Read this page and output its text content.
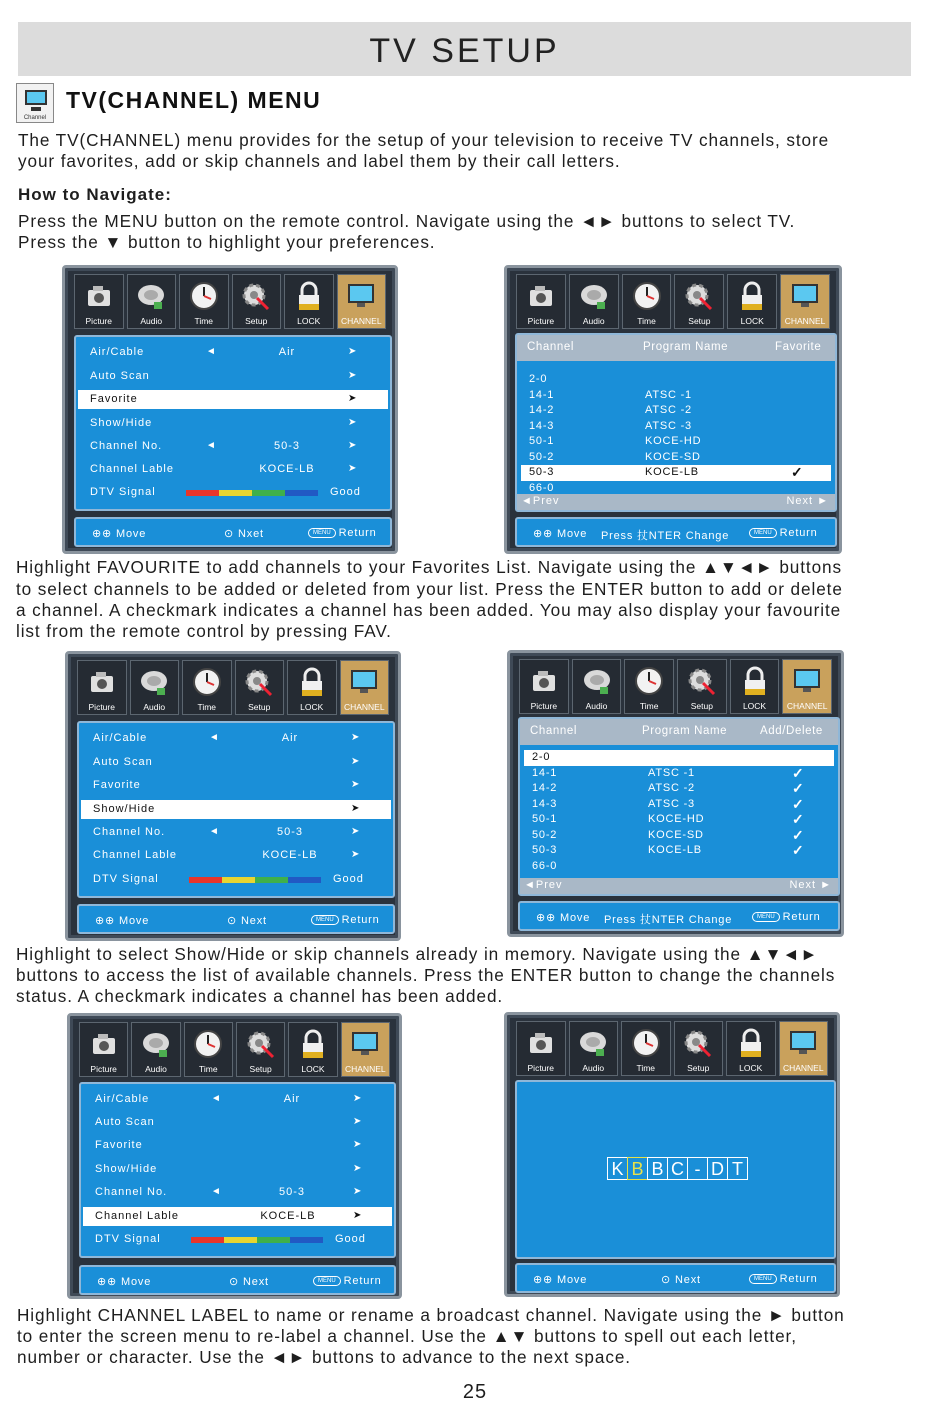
TV SETUP
Channel
TV(CHANNEL) MENU
The TV(CHANNEL) menu provides for the setup of your television to receive TV channels, store
your favorites, add or skip channels and label them by their call letters.
How to Navigate:
Press the MENU button on the remote control. Navigate using the ◄► buttons to select TV.
Press the ▼ button to highlight your preferences.
Highlight FAVOURITE to add channels to your Favorites List. Navigate using the ▲▼◄► buttons
to select channels to be added or deleted from your list. Press the ENTER button to add or delete
a channel. A checkmark indicates a channel has been added. You may also display your favourite
list from the remote control by pressing FAV.
Highlight to select Show/Hide or skip channels already in memory. Navigate using the ▲▼◄►
buttons to access the list of available channels. Press the ENTER button to change the channels
status. A checkmark indicates a channel has been added.
Highlight CHANNEL LABEL to name or rename a broadcast channel. Navigate using the ► button
to enter the screen menu to re-label a channel. Use the ▲▼ buttons to spell out each letter,
number or character. Use the ◄► buttons to advance to the next space.
25
Picture	Audio	Time	Setup	LOCK	CHANNEL
Air/Cable	◄	Air	➤
Auto Scan	➤
Favorite	➤
Show/Hide	➤
Channel No.	◄	50-3	➤
Channel Lable	KOCE-LB	➤
DTV Signal	Good
⊕⊕ Move	⊙ Nxet	MENU Return
Picture	Audio	Time	Setup	LOCK	CHANNEL
Channel	Program Name	Favorite
2-0
14-1	ATSC -1
14-2	ATSC -2
14-3	ATSC -3
50-1	KOCE-HD
50-2	KOCE-SD
50-3	KOCE-LB	✓
66-0
◄Prev	Next ►
⊕⊕ Move Press 扙NTER Change	MENU Return
Picture	Audio	Time	Setup	LOCK	CHANNEL
Air/Cable	◄	Air	➤
Auto Scan	➤
Favorite	➤
Show/Hide	➤
Channel No.	◄	50-3	➤
Channel Lable	KOCE-LB	➤
DTV Signal	Good
⊕⊕ Move	⊙ Next	MENU Return
Picture	Audio	Time	Setup	LOCK	CHANNEL
Channel	Program Name	Add/Delete
2-0
14-1	ATSC -1	✓
14-2	ATSC -2	✓
14-3	ATSC -3	✓
50-1	KOCE-HD	✓
50-2	KOCE-SD	✓
50-3	KOCE-LB	✓
66-0
◄Prev	Next ►
⊕⊕ Move Press 扙NTER Change	MENU Return
Picture	Audio	Time	Setup	LOCK	CHANNEL
Air/Cable	◄	Air	➤
Auto Scan	➤
Favorite	➤
Show/Hide	➤
Channel No.	◄	50-3	➤
Channel Lable	KOCE-LB	➤
DTV Signal	Good
⊕⊕ Move	⊙ Next	MENU Return
Picture	Audio	Time	Setup	LOCK	CHANNEL
K B B C - D T
⊕⊕ Move	⊙ Next	MENU Return
